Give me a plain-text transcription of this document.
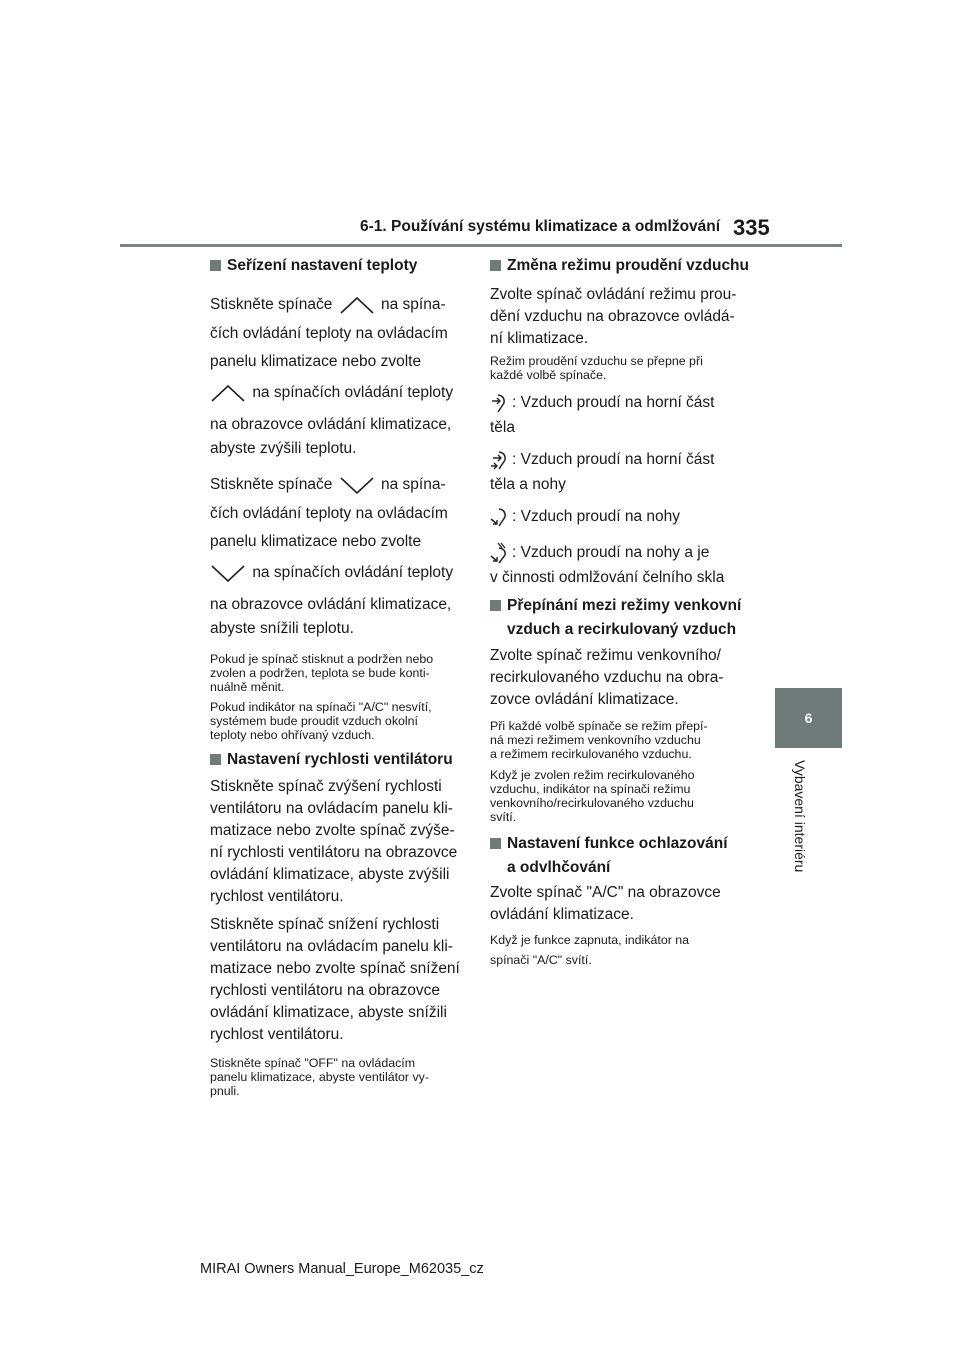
6-1. Používání systému klimatizace a odmlžování 335
6
Vybavení interiéru

Seřízení nastavení teploty

Stiskněte spínače	na spína-

čích ovládání teploty na ovládacím

panelu klimatizace nebo zvolte

na spínačích ovládání teploty

na obrazovce ovládání klimatizace,

abyste zvýšili teplotu.

Stiskněte spínače	na spína-

čích ovládání teploty na ovládacím

panelu klimatizace nebo zvolte

na spínačích ovládání teploty

na obrazovce ovládání klimatizace,

abyste snížili teplotu.

Pokud je spínač stisknut a podržen nebo

zvolen a podržen, teplota se bude konti-

nuálně měnit.

Pokud indikátor na spínači "A/C" nesvítí,

systémem bude proudit vzduch okolní

teploty nebo ohřívaný vzduch.

Nastavení rychlosti ventilátoru

Stiskněte spínač zvýšení rychlosti

ventilátoru na ovládacím panelu kli-

matizace nebo zvolte spínač zvýše-

ní rychlosti ventilátoru na obrazovce

ovládání klimatizace, abyste zvýšili

rychlost ventilátoru.

Stiskněte spínač snížení rychlosti

ventilátoru na ovládacím panelu kli-

matizace nebo zvolte spínač snížení

rychlosti ventilátoru na obrazovce

ovládání klimatizace, abyste snížili

rychlost ventilátoru.

Stiskněte spínač "OFF" na ovládacím

panelu klimatizace, abyste ventilátor vy-

pnuli.

Změna režimu proudění vzduchu

Zvolte spínač ovládání režimu prou-

dění vzduchu na obrazovce ovládá-

ní klimatizace.

Režim proudění vzduchu se přepne při

každé volbě spínače.

: Vzduch proudí na horní část

těla

: Vzduch proudí na horní část

těla a nohy

: Vzduch proudí na nohy

: Vzduch proudí na nohy a je

v činnosti odmlžování čelního skla

Přepínání mezi režimy venkovní
vzduch a recirkulovaný vzduch

Zvolte spínač režimu venkovního/

recirkulovaného vzduchu na obra-

zovce ovládání klimatizace.

Při každé volbě spínače se režim přepí-

ná mezi režimem venkovního vzduchu

a režimem recirkulovaného vzduchu.

Když je zvolen režim recirkulovaného

vzduchu, indikátor na spínači režimu

venkovního/recirkulovaného vzduchu

svítí.

Nastavení funkce ochlazování
a odvlhčování

Zvolte spínač "A/C" na obrazovce

ovládání klimatizace.

Když je funkce zapnuta, indikátor na

spínači "A/C" svítí.

MIRAI Owners Manual_Europe_M62035_cz
